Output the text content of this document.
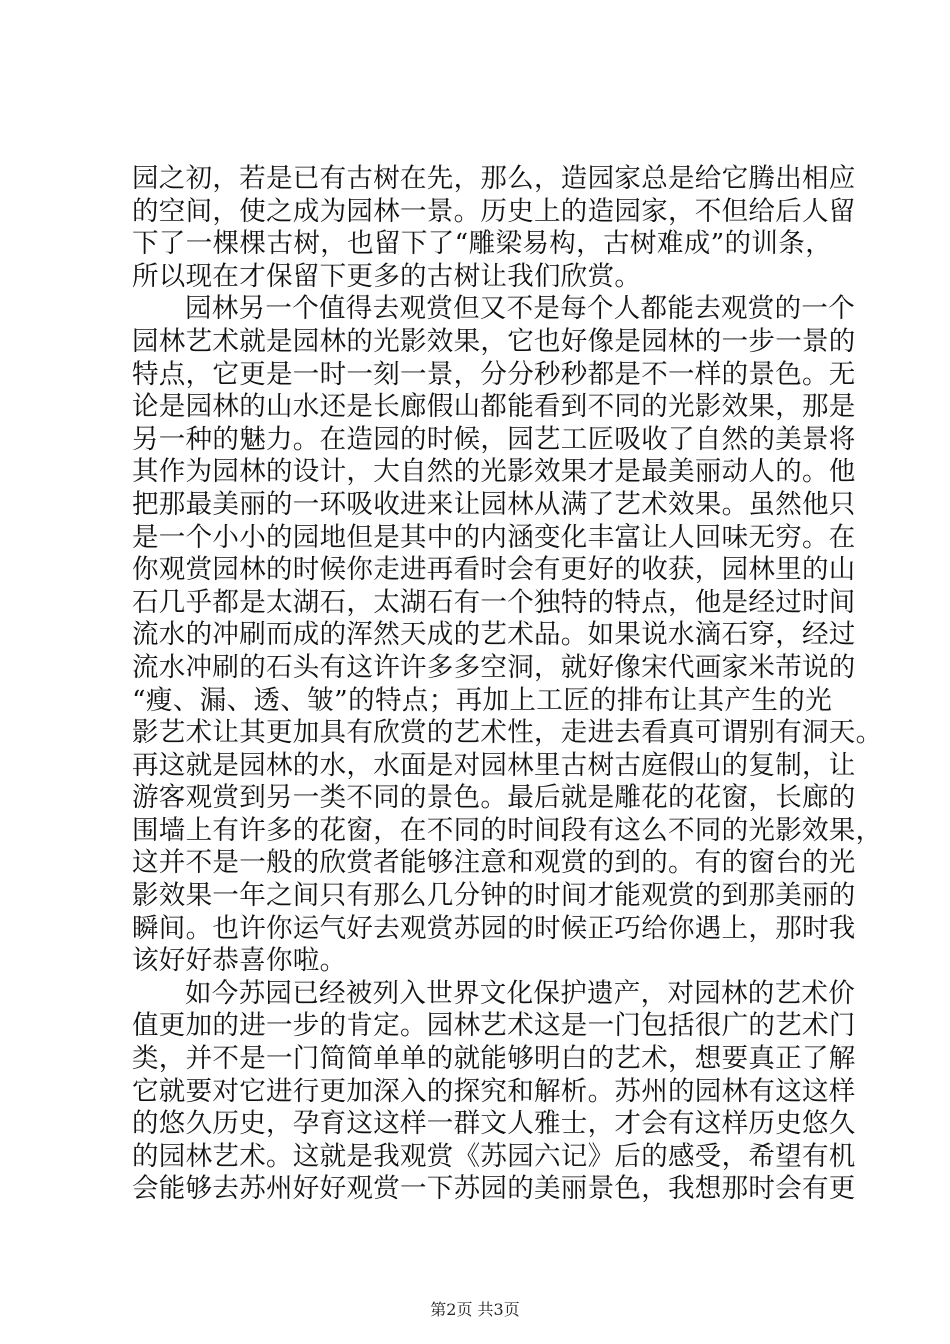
园之初，若是已有古树在先，那么，造园家总是给它腾出相应
的空间，使之成为园林一景。历史上的造园家，不但给后人留
下了一棵棵古树，也留下了“雕梁易构，古树难成”的训条，
所以现在才保留下更多的古树让我们欣赏。
园林另一个值得去观赏但又不是每个人都能去观赏的一个
园林艺术就是园林的光影效果，它也好像是园林的一步一景的
特点，它更是一时一刻一景，分分秒秒都是不一样的景色。无
论是园林的山水还是长廊假山都能看到不同的光影效果，那是
另一种的魅力。在造园的时候，园艺工匠吸收了自然的美景将
其作为园林的设计，大自然的光影效果才是最美丽动人的。他
把那最美丽的一环吸收进来让园林从满了艺术效果。虽然他只
是一个小小的园地但是其中的内涵变化丰富让人回味无穷。在
你观赏园林的时候你走进再看时会有更好的收获，园林里的山
石几乎都是太湖石，太湖石有一个独特的特点，他是经过时间
流水的冲刷而成的浑然天成的艺术品。如果说水滴石穿，经过
流水冲刷的石头有这许许多多空洞，就好像宋代画家米芾说的
“瘦、漏、透、皱”的特点；再加上工匠的排布让其产生的光
影艺术让其更加具有欣赏的艺术性，走进去看真可谓别有洞天。
再这就是园林的水，水面是对园林里古树古庭假山的复制，让
游客观赏到另一类不同的景色。最后就是雕花的花窗，长廊的
围墙上有许多的花窗，在不同的时间段有这么不同的光影效果，
这并不是一般的欣赏者能够注意和观赏的到的。有的窗台的光
影效果一年之间只有那么几分钟的时间才能观赏的到那美丽的
瞬间。也许你运气好去观赏苏园的时候正巧给你遇上，那时我
该好好恭喜你啦。
如今苏园已经被列入世界文化保护遗产，对园林的艺术价
值更加的进一步的肯定。园林艺术这是一门包括很广的艺术门
类，并不是一门简简单单的就能够明白的艺术，想要真正了解
它就要对它进行更加深入的探究和解析。苏州的园林有这这样
的悠久历史，孕育这这样一群文人雅士，才会有这样历史悠久
的园林艺术。这就是我观赏《苏园六记》后的感受，希望有机
会能够去苏州好好观赏一下苏园的美丽景色，我想那时会有更
第2页 共3页
